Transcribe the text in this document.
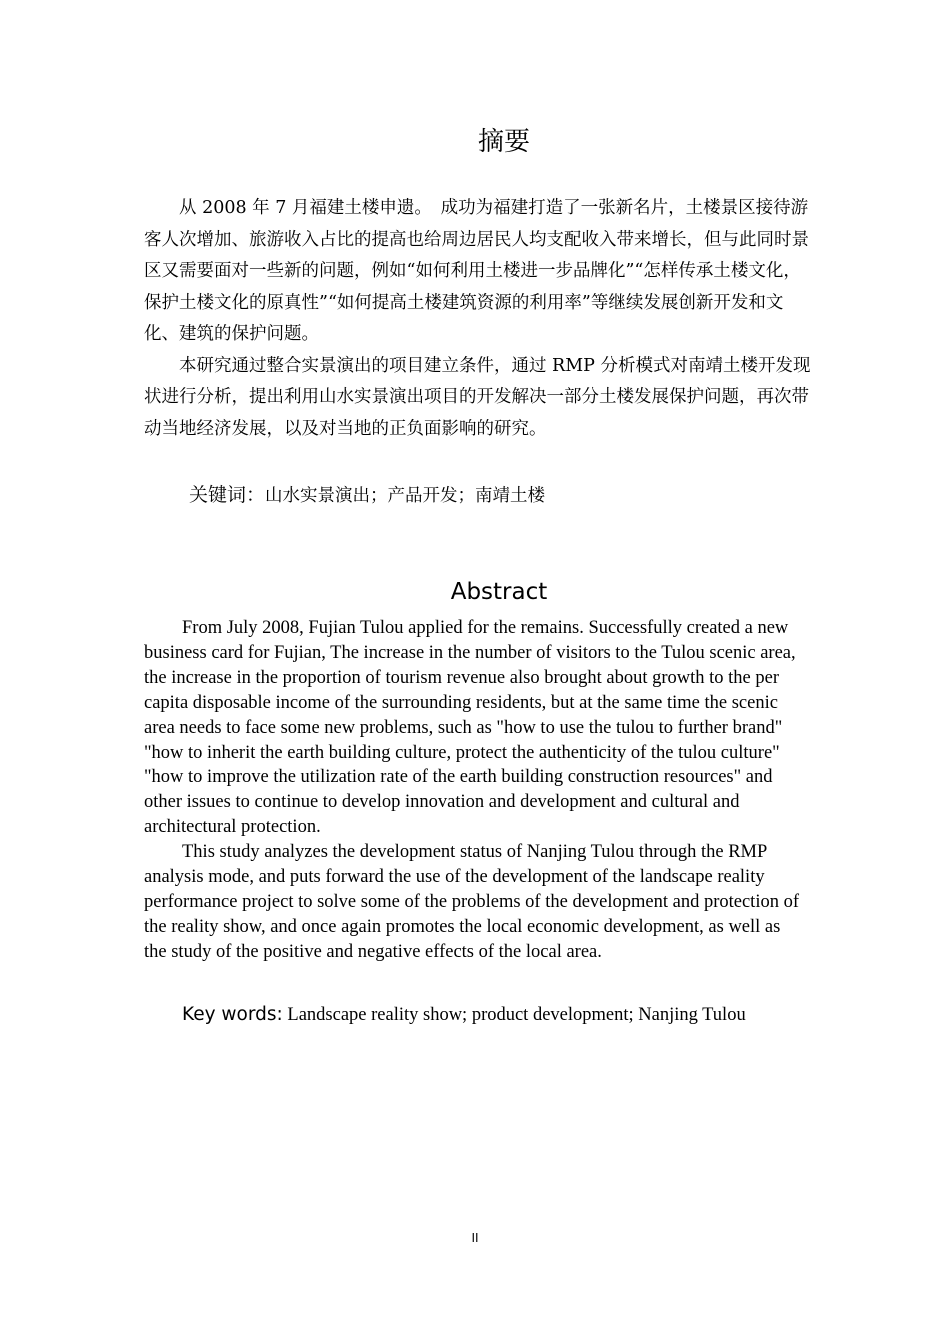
摘要

从 2008 年 7 月福建土楼申遗。　成功为福建打造了一张新名片，土楼景区接待游客人次增加、旅游收入占比的提高也给周边居民人均支配收入带来增长，但与此同时景区又需要面对一些新的问题，例如“如何利用土楼进一步品牌化”“怎样传承土楼文化，保护土楼文化的原真性”“如何提高土楼建筑资源的利用率”等继续发展创新开发和文化、建筑的保护问题。

本研究通过整合实景演出的项目建立条件，通过 RMP 分析模式对南靖土楼开发现状进行分析，提出利用山水实景演出项目的开发解决一部分土楼发展保护问题，再次带动当地经济发展，以及对当地的正负面影响的研究。

关键词：山水实景演出；产品开发；南靖土楼
Abstract

From July 2008, Fujian Tulou applied for the remains. Successfully created a new business card for Fujian, The increase in the number of visitors to the Tulou scenic area, the increase in the proportion of tourism revenue also brought about growth to the per capita disposable income of the surrounding residents, but at the same time the scenic area needs to face some new problems, such as "how to use the tulou to further brand" "how to inherit the earth building culture, protect the authenticity of the tulou culture" "how to improve the utilization rate of the earth building construction resources" and other issues to continue to develop innovation and development and cultural and architectural protection.

This study analyzes the development status of Nanjing Tulou through the RMP analysis mode, and puts forward the use of the development of the landscape reality performance project to solve some of the problems of the development and protection of the reality show, and once again promotes the local economic development, as well as the study of the positive and negative effects of the local area.

Key words: Landscape reality show; product development; Nanjing Tulou
II
